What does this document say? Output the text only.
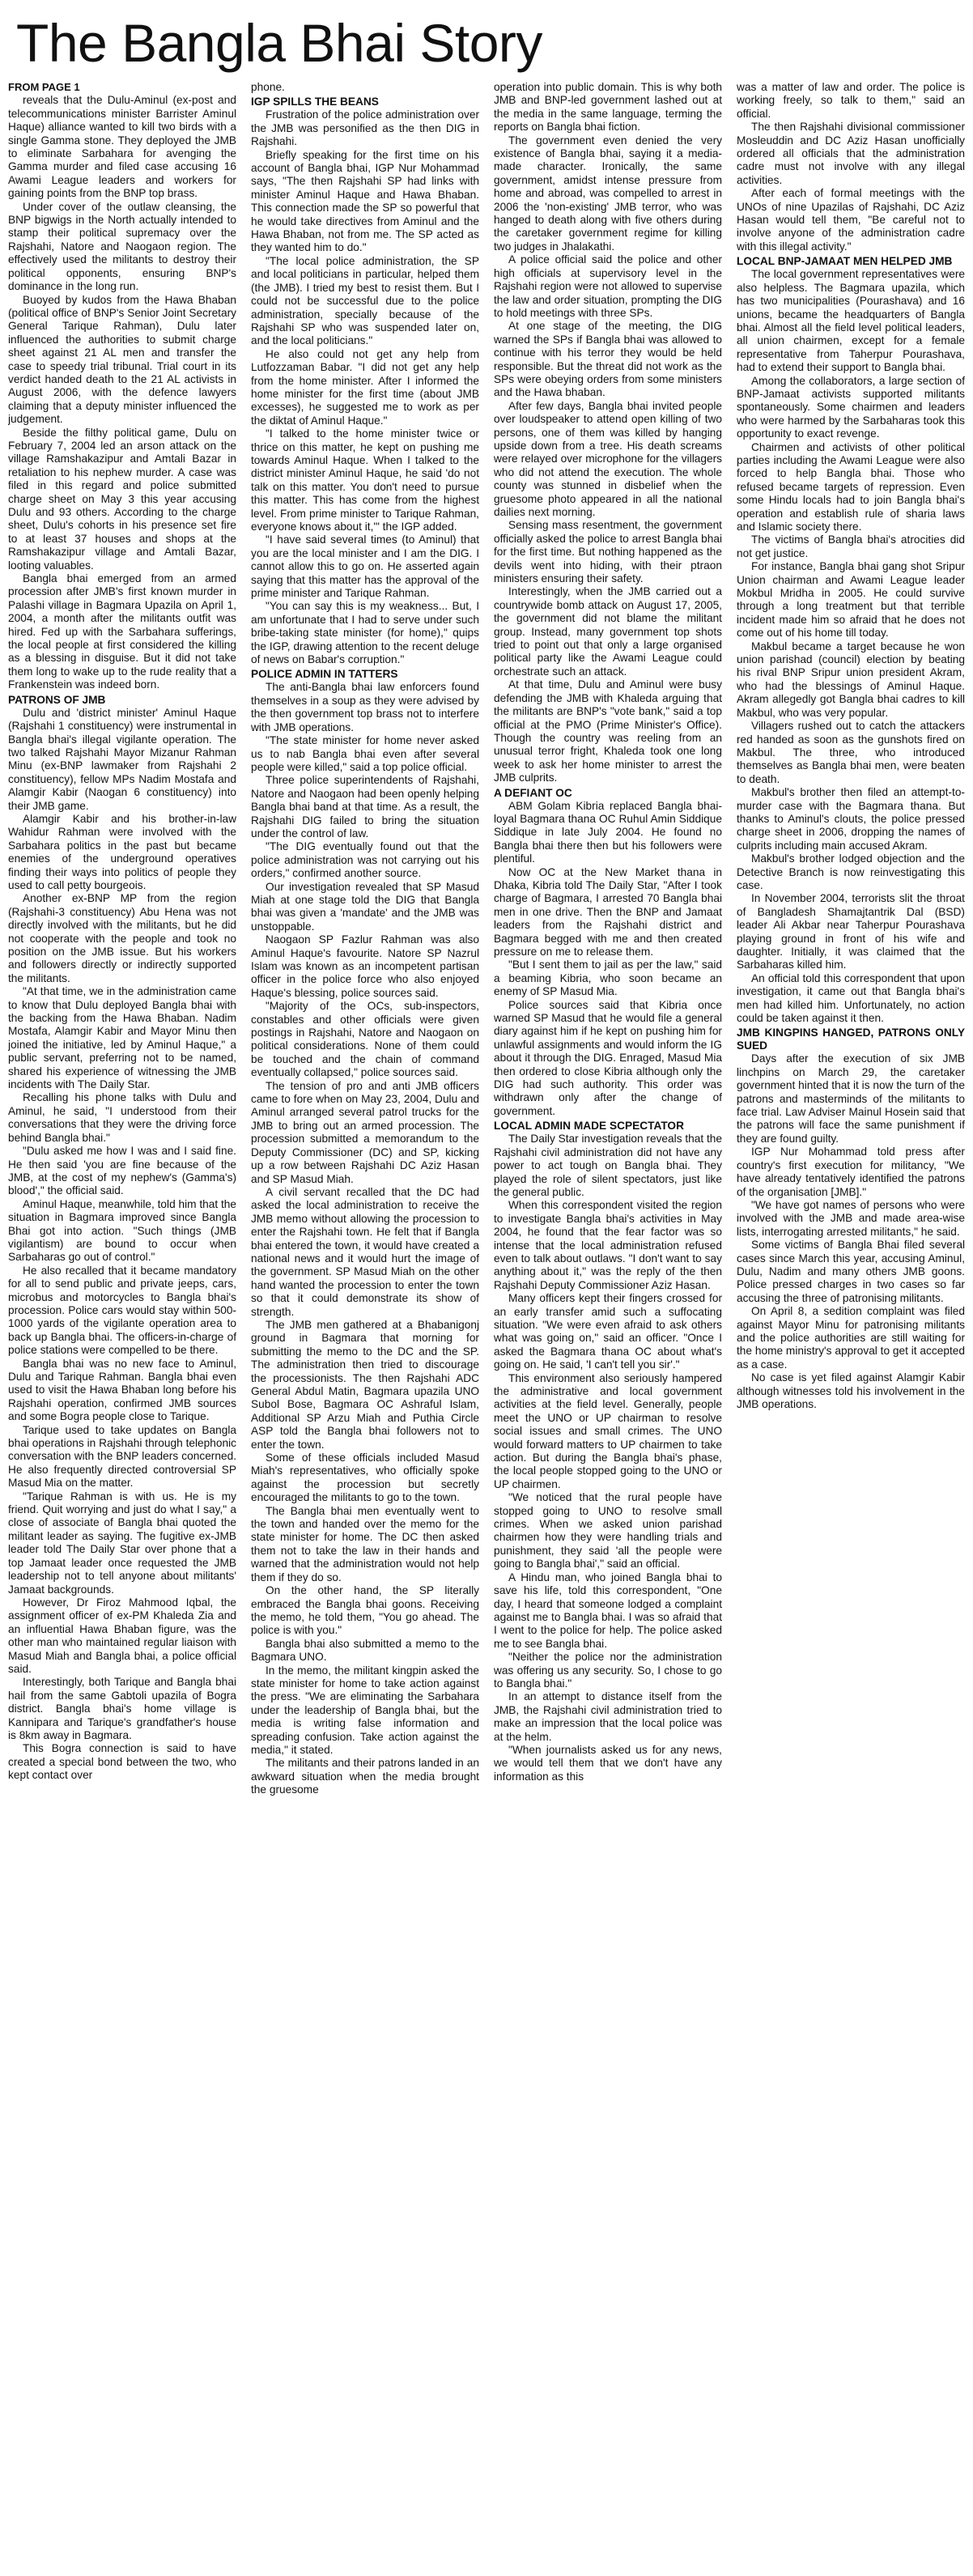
The Bangla Bhai Story

FROM PAGE 1

reveals that the Dulu-Aminul (ex-post and telecommunications minister Barrister Aminul Haque) alliance wanted to kill two birds with a single Gamma stone. They deployed the JMB to eliminate Sarbahara for avenging the Gamma murder and filed case accusing 16 Awami League leaders and workers for gaining points from the BNP top brass.

Under cover of the outlaw cleansing, the BNP bigwigs in the North actually intended to stamp their political supremacy over the Rajshahi, Natore and Naogaon region. The effectively used the militants to destroy their political opponents, ensuring BNP's dominance in the long run.

Buoyed by kudos from the Hawa Bhaban (political office of BNP's Senior Joint Secretary General Tarique Rahman), Dulu later influenced the authorities to submit charge sheet against 21 AL men and transfer the case to speedy trial tribunal. Trial court in its verdict handed death to the 21 AL activists in August 2006, with the defence lawyers claiming that a deputy minister influenced the judgement.

Beside the filthy political game, Dulu on February 7, 2004 led an arson attack on the village Ramshakazipur and Amtali Bazar in retaliation to his nephew murder. A case was filed in this regard and police submitted charge sheet on May 3 this year accusing Dulu and 93 others. According to the charge sheet, Dulu's cohorts in his presence set fire to at least 37 houses and shops at the Ramshakazipur village and Amtali Bazar, looting valuables.

Bangla bhai emerged from an armed procession after JMB's first known murder in Palashi village in Bagmara Upazila on April 1, 2004, a month after the militants outfit was hired. Fed up with the Sarbahara sufferings, the local people at first considered the killing as a blessing in disguise. But it did not take them long to wake up to the rude reality that a Frankenstein was indeed born.

PATRONS OF JMB

Dulu and 'district minister' Aminul Haque (Rajshahi 1 constituency) were instrumental in Bangla bhai's illegal vigilante operation. The two talked Rajshahi Mayor Mizanur Rahman Minu (ex-BNP lawmaker from Rajshahi 2 constituency), fellow MPs Nadim Mostafa and Alamgir Kabir (Naogan 6 constituency) into their JMB game.

Alamgir Kabir and his brother-in-law Wahidur Rahman were involved with the Sarbahara politics in the past but became enemies of the underground operatives finding their ways into politics of people they used to call petty bourgeois.

Another ex-BNP MP from the region (Rajshahi-3 constituency) Abu Hena was not directly involved with the militants, but he did not cooperate with the people and took no position on the JMB issue. But his workers and followers directly or indirectly supported the militants.

"At that time, we in the administration came to know that Dulu deployed Bangla bhai with the backing from the Hawa Bhaban. Nadim Mostafa, Alamgir Kabir and Mayor Minu then joined the initiative, led by Aminul Haque," a public servant, preferring not to be named, shared his experience of witnessing the JMB incidents with The Daily Star.

Recalling his phone talks with Dulu and Aminul, he said, "I understood from their conversations that they were the driving force behind Bangla bhai."

"Dulu asked me how I was and I said fine. He then said 'you are fine because of the JMB, at the cost of my nephew's (Gamma's) blood'," the official said.

Aminul Haque, meanwhile, told him that the situation in Bagmara improved since Bangla Bhai got into action. "Such things (JMB vigilantism) are bound to occur when Sarbaharas go out of control."

He also recalled that it became mandatory for all to send public and private jeeps, cars, microbus and motorcycles to Bangla bhai's procession. Police cars would stay within 500-1000 yards of the vigilante operation area to back up Bangla bhai. The officers-in-charge of police stations were compelled to be there.

Bangla bhai was no new face to Aminul, Dulu and Tarique Rahman. Bangla bhai even used to visit the Hawa Bhaban long before his Rajshahi operation, confirmed JMB sources and some Bogra people close to Tarique.

Tarique used to take updates on Bangla bhai operations in Rajshahi through telephonic conversation with the BNP leaders concerned. He also frequently directed controversial SP Masud Mia on the matter.

"Tarique Rahman is with us. He is my friend. Quit worrying and just do what I say," a close of associate of Bangla bhai quoted the militant leader as saying. The fugitive ex-JMB leader told The Daily Star over phone that a top Jamaat leader once requested the JMB leadership not to tell anyone about militants' Jamaat backgrounds.

However, Dr Firoz Mahmood Iqbal, the assignment officer of ex-PM Khaleda Zia and an influential Hawa Bhaban figure, was the other man who maintained regular liaison with Masud Miah and Bangla bhai, a police official said.

Interestingly, both Tarique and Bangla bhai hail from the same Gabtoli upazila of Bogra district. Bangla bhai's home village is Kannipara and Tarique's grandfather's house is 8km away in Bagmara.

This Bogra connection is said to have created a special bond between the two, who kept contact over

phone.

IGP SPILLS THE BEANS

Frustration of the police administration over the JMB was personified as the then DIG in Rajshahi.

Briefly speaking for the first time on his account of Bangla bhai, IGP Nur Mohammad says, "The then Rajshahi SP had links with minister Aminul Haque and Hawa Bhaban. This connection made the SP so powerful that he would take directives from Aminul and the Hawa Bhaban, not from me. The SP acted as they wanted him to do."

"The local police administration, the SP and local politicians in particular, helped them (the JMB). I tried my best to resist them. But I could not be successful due to the police administration, specially because of the Rajshahi SP who was suspended later on, and the local politicians."

He also could not get any help from Lutfozzaman Babar. "I did not get any help from the home minister. After I informed the home minister for the first time (about JMB excesses), he suggested me to work as per the diktat of Aminul Haque."

"I talked to the home minister twice or thrice on this matter, he kept on pushing me towards Aminul Haque. When I talked to the district minister Aminul Haque, he said 'do not talk on this matter. You don't need to pursue this matter. This has come from the highest level. From prime minister to Tarique Rahman, everyone knows about it,'" the IGP added.

"I have said several times (to Aminul) that you are the local minister and I am the DIG. I cannot allow this to go on. He asserted again saying that this matter has the approval of the prime minister and Tarique Rahman.

"You can say this is my weakness... But, I am unfortunate that I had to serve under such bribe-taking state minister (for home)," quips the IGP, drawing attention to the recent deluge of news on Babar's corruption."

POLICE ADMIN IN TATTERS

The anti-Bangla bhai law enforcers found themselves in a soup as they were advised by the then government top brass not to interfere with JMB operations.

"The state minister for home never asked us to nab Bangla bhai even after several people were killed," said a top police official.

Three police superintendents of Rajshahi, Natore and Naogaon had been openly helping Bangla bhai band at that time. As a result, the Rajshahi DIG failed to bring the situation under the control of law.

"The DIG eventually found out that the police administration was not carrying out his orders," confirmed another source.

Our investigation revealed that SP Masud Miah at one stage told the DIG that Bangla bhai was given a 'mandate' and the JMB was unstoppable.

Naogaon SP Fazlur Rahman was also Aminul Haque's favourite. Natore SP Nazrul Islam was known as an incompetent partisan officer in the police force who also enjoyed Haque's blessing, police sources said.

"Majority of the OCs, sub-inspectors, constables and other officials were given postings in Rajshahi, Natore and Naogaon on political considerations. None of them could be touched and the chain of command eventually collapsed," police sources said.

The tension of pro and anti JMB officers came to fore when on May 23, 2004, Dulu and Aminul arranged several patrol trucks for the JMB to bring out an armed procession. The procession submitted a memorandum to the Deputy Commissioner (DC) and SP, kicking up a row between Rajshahi DC Aziz Hasan and SP Masud Miah.

A civil servant recalled that the DC had asked the local administration to receive the JMB memo without allowing the procession to enter the Rajshahi town. He felt that if Bangla bhai entered the town, it would have created a national news and it would hurt the image of the government. SP Masud Miah on the other hand wanted the procession to enter the town so that it could demonstrate its show of strength.

The JMB men gathered at a Bhabanigonj ground in Bagmara that morning for submitting the memo to the DC and the SP. The administration then tried to discourage the processionists. The then Rajshahi ADC General Abdul Matin, Bagmara upazila UNO Subol Bose, Bagmara OC Ashraful Islam, Additional SP Arzu Miah and Puthia Circle ASP told the Bangla bhai followers not to enter the town.

Some of these officials included Masud Miah's representatives, who officially spoke against the procession but secretly encouraged the militants to go to the town.

The Bangla bhai men eventually went to the town and handed over the memo for the state minister for home. The DC then asked them not to take the law in their hands and warned that the administration would not help them if they do so.

On the other hand, the SP literally embraced the Bangla bhai goons. Receiving the memo, he told them, "You go ahead. The police is with you."

Bangla bhai also submitted a memo to the Bagmara UNO.

In the memo, the militant kingpin asked the state minister for home to take action against the press. "We are eliminating the Sarbahara under the leadership of Bangla bhai, but the media is writing false information and spreading confusion. Take action against the media," it stated.

The militants and their patrons landed in an awkward situation when the media brought the gruesome

operation into public domain. This is why both JMB and BNP-led government lashed out at the media in the same language, terming the reports on Bangla bhai fiction.

The government even denied the very existence of Bangla bhai, saying it a media-made character. Ironically, the same government, amidst intense pressure from home and abroad, was compelled to arrest in 2006 the 'non-existing' JMB terror, who was hanged to death along with five others during the caretaker government regime for killing two judges in Jhalakathi.

A police official said the police and other high officials at supervisory level in the Rajshahi region were not allowed to supervise the law and order situation, prompting the DIG to hold meetings with three SPs.

At one stage of the meeting, the DIG warned the SPs if Bangla bhai was allowed to continue with his terror they would be held responsible. But the threat did not work as the SPs were obeying orders from some ministers and the Hawa bhaban.

After few days, Bangla bhai invited people over loudspeaker to attend open killing of two persons, one of them was killed by hanging upside down from a tree. His death screams were relayed over microphone for the villagers who did not attend the execution. The whole county was stunned in disbelief when the gruesome photo appeared in all the national dailies next morning.

Sensing mass resentment, the government officially asked the police to arrest Bangla bhai for the first time. But nothing happened as the devils went into hiding, with their ptraon ministers ensuring their safety.

Interestingly, when the JMB carried out a countrywide bomb attack on August 17, 2005, the government did not blame the militant group. Instead, many government top shots tried to point out that only a large organised political party like the Awami League could orchestrate such an attack.

At that time, Dulu and Aminul were busy defending the JMB with Khaleda arguing that the militants are BNP's "vote bank," said a top official at the PMO (Prime Minister's Office). Though the country was reeling from an unusual terror fright, Khaleda took one long week to ask her home minister to arrest the JMB culprits.

A DEFIANT OC

ABM Golam Kibria replaced Bangla bhai-loyal Bagmara thana OC Ruhul Amin Siddique Siddique in late July 2004. He found no Bangla bhai there then but his followers were plentiful.

Now OC at the New Market thana in Dhaka, Kibria told The Daily Star, "After I took charge of Bagmara, I arrested 70 Bangla bhai men in one drive. Then the BNP and Jamaat leaders from the Rajshahi district and Bagmara begged with me and then created pressure on me to release them.

"But I sent them to jail as per the law," said a beaming Kibria, who soon became an enemy of SP Masud Mia.

Police sources said that Kibria once warned SP Masud that he would file a general diary against him if he kept on pushing him for unlawful assignments and would inform the IG about it through the DIG. Enraged, Masud Mia then ordered to close Kibria although only the DIG had such authority. This order was withdrawn only after the change of government.

LOCAL ADMIN MADE SCPECTATOR

The Daily Star investigation reveals that the Rajshahi civil administration did not have any power to act tough on Bangla bhai. They played the role of silent spectators, just like the general public.

When this correspondent visited the region to investigate Bangla bhai's activities in May 2004, he found that the fear factor was so intense that the local administration refused even to talk about outlaws. "I don't want to say anything about it," was the reply of the then Rajshahi Deputy Commissioner Aziz Hasan.

Many officers kept their fingers crossed for an early transfer amid such a suffocating situation. "We were even afraid to ask others what was going on," said an officer. "Once I asked the Bagmara thana OC about what's going on. He said, 'I can't tell you sir'."

This environment also seriously hampered the administrative and local government activities at the field level. Generally, people meet the UNO or UP chairman to resolve social issues and small crimes. The UNO would forward matters to UP chairmen to take action. But during the Bangla bhai's phase, the local people stopped going to the UNO or UP chairmen.

"We noticed that the rural people have stopped going to UNO to resolve small crimes. When we asked union parishad chairmen how they were handling trials and punishment, they said 'all the people were going to Bangla bhai'," said an official.

A Hindu man, who joined Bangla bhai to save his life, told this correspondent, "One day, I heard that someone lodged a complaint against me to Bangla bhai. I was so afraid that I went to the police for help. The police asked me to see Bangla bhai.

"Neither the police nor the administration was offering us any security. So, I chose to go to Bangla bhai."

In an attempt to distance itself from the JMB, the Rajshahi civil administration tried to make an impression that the local police was at the helm.

"When journalists asked us for any news, we would tell them that we don't have any information as this

was a matter of law and order. The police is working freely, so talk to them," said an official.

The then Rajshahi divisional commissioner Mosleuddin and DC Aziz Hasan unofficially ordered all officials that the administration cadre must not involve with any illegal activities.

After each of formal meetings with the UNOs of nine Upazilas of Rajshahi, DC Aziz Hasan would tell them, "Be careful not to involve anyone of the administration cadre with this illegal activity."

LOCAL BNP-JAMAAT MEN HELPED JMB

The local government representatives were also helpless. The Bagmara upazila, which has two municipalities (Pourashava) and 16 unions, became the headquarters of Bangla bhai. Almost all the field level political leaders, all union chairmen, except for a female representative from Taherpur Pourashava, had to extend their support to Bangla bhai.

Among the collaborators, a large section of BNP-Jamaat activists supported militants spontaneously. Some chairmen and leaders who were harmed by the Sarbaharas took this opportunity to exact revenge.

Chairmen and activists of other political parties including the Awami League were also forced to help Bangla bhai. Those who refused became targets of repression. Even some Hindu locals had to join Bangla bhai's operation and establish rule of sharia laws and Islamic society there.

The victims of Bangla bhai's atrocities did not get justice.

For instance, Bangla bhai gang shot Sripur Union chairman and Awami League leader Mokbul Mridha in 2005. He could survive through a long treatment but that terrible incident made him so afraid that he does not come out of his home till today.

Makbul became a target because he won union parishad (council) election by beating his rival BNP Sripur union president Akram, who had the blessings of Aminul Haque. Akram allegedly got Bangla bhai cadres to kill Makbul, who was very popular.

Villagers rushed out to catch the attackers red handed as soon as the gunshots fired on Makbul. The three, who introduced themselves as Bangla bhai men, were beaten to death.

Makbul's brother then filed an attempt-to-murder case with the Bagmara thana. But thanks to Aminul's clouts, the police pressed charge sheet in 2006, dropping the names of culprits including main accused Akram.

Makbul's brother lodged objection and the Detective Branch is now reinvestigating this case.

In November 2004, terrorists slit the throat of Bangladesh Shamajtantrik Dal (BSD) leader Ali Akbar near Taherpur Pourashava playing ground in front of his wife and daughter. Initially, it was claimed that the Sarbaharas killed him.

An official told this correspondent that upon investigation, it came out that Bangla bhai's men had killed him. Unfortunately, no action could be taken against it then.

JMB KINGPINS HANGED, PATRONS ONLY SUED

Days after the execution of six JMB linchpins on March 29, the caretaker government hinted that it is now the turn of the patrons and masterminds of the militants to face trial. Law Adviser Mainul Hosein said that the patrons will face the same punishment if they are found guilty.

IGP Nur Mohammad told press after country's first execution for militancy, "We have already tentatively identified the patrons of the organisation [JMB]."

"We have got names of persons who were involved with the JMB and made area-wise lists, interrogating arrested militants," he said.

Some victims of Bangla Bhai filed several cases since March this year, accusing Aminul, Dulu, Nadim and many others JMB goons. Police pressed charges in two cases so far accusing the three of patronising militants.

On April 8, a sedition complaint was filed against Mayor Minu for patronising militants and the police authorities are still waiting for the home ministry's approval to get it accepted as a case.

No case is yet filed against Alamgir Kabir although witnesses told his involvement in the JMB operations.
